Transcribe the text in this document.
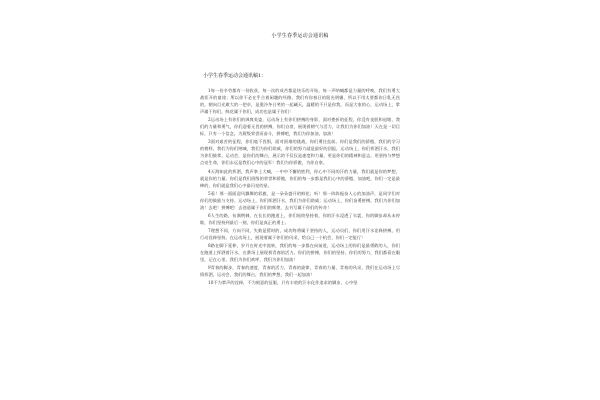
小学生春季运动会通讯稿
小学生春季运动会通讯稿1：

1每一份辛劳都有一份收获，每一次的成苦都是快乐的开始，每一声呐喊都是力量的呼唤，我们有勇大战拒开的童途；所以你不必在乎合着闲趣的经路，我们有你春日的阳光明媚，所以不用太要都你日乳无畏的，朝向目光敢大的一把卓，是奥冷冬日笑的一起碱天，温暖的不只是你我，而是大家的心，运动场上，掌声属于你们，鲜花属于你们，成功也是属于你们！

2运动场上有你们的飒爽英姿，运动场上有你们拼搏的身影，面对挫折的征程，你没有丧胆和退缩，我们的力量和勇气，你们迎着无畏的拼搏，你们自豪，展现着朝气与活力，让我们为你们加油！天在是一切目标，只有一个信念，为班级荣誉而奋斗，拼搏吧，我们为你加油，加油！

3面对艰苦的征程，你们毫不畏惧，面对困难的挑战，你们勇往直前。你们是我们的骄傲，我们的学习的榜样，我们为你们呐喊，我们为你们助威，你们的努力就是最好的回报，运动场上，你们挥洒汗水，我们为你们鼓掌。运动会，是你们的舞台，展示的不仅仅是速度和力量，更是你们的精神和意志。用坚持与梦想点亮生命，你们永远是我们心中的冠军！我们为你骄傲，为你自豪。

4天海知此的挥洒，我声拳上大喊，一中中不懈的胜利，你心中不同的汗的力量，我们就是你的梦想，就是你的力量。你们是我们班级的荣誉和骄傲，你们的每一步都是我们心中的骄傲，加油吧，你们一定是最棒的，你们就是我们心中最闪亮的星。

5看！那一面面迎风飘舞的彩旗，是一朵朵盛开的鲜花；听！那一阵阵振奋人心的加油声，是同学们对你们的鼓励与支持。运动场上，你们挥洒汗水，我们为你们助威；运动场上，你们奋勇拼搏，我们为你们加油！去吧！拼搏吧！去创造属于你们的辉煌，去书写属于你们的传奇！

6人生的路，布满荆棘，在长长的跑道上，你们始终坚持着，你的汗水浸透了衣裳，你的脚步却从未停歇，你们坚持到最后一刻，你们是真正的勇士。

7理想不同，方向不同，失败是暂时的，成功终将属于坚持的人，运动员们，你们用汗水诠释拼搏，用行动诠释坚持。在运动场上，展现着属于你们的风采，给自己一个机会，你们一定能行！

8路在脚下延伸，岁月在时光中流转，我们的每一步都在向前进，运动场上的你们是最勇敢的人，你们在跑道上挥洒着汗水，在赛场上展现着青春的活力。你们的拼搏，你们的坚持，你们的努力，我们都看在眼里，记在心里。我们为你们欢呼，我们为你们加油！

9青春的脚步，青春的速度，青春的活力，青春的旋律，青春的力量，青春的风采，我们在运动场上尽情挥洒，运动会，我们的舞台，我们的梦想，我们一起加油！

10不为掌声的诠释，不为刻意的征服，只有丰收的汗水化作追求的脚步，心中坚
